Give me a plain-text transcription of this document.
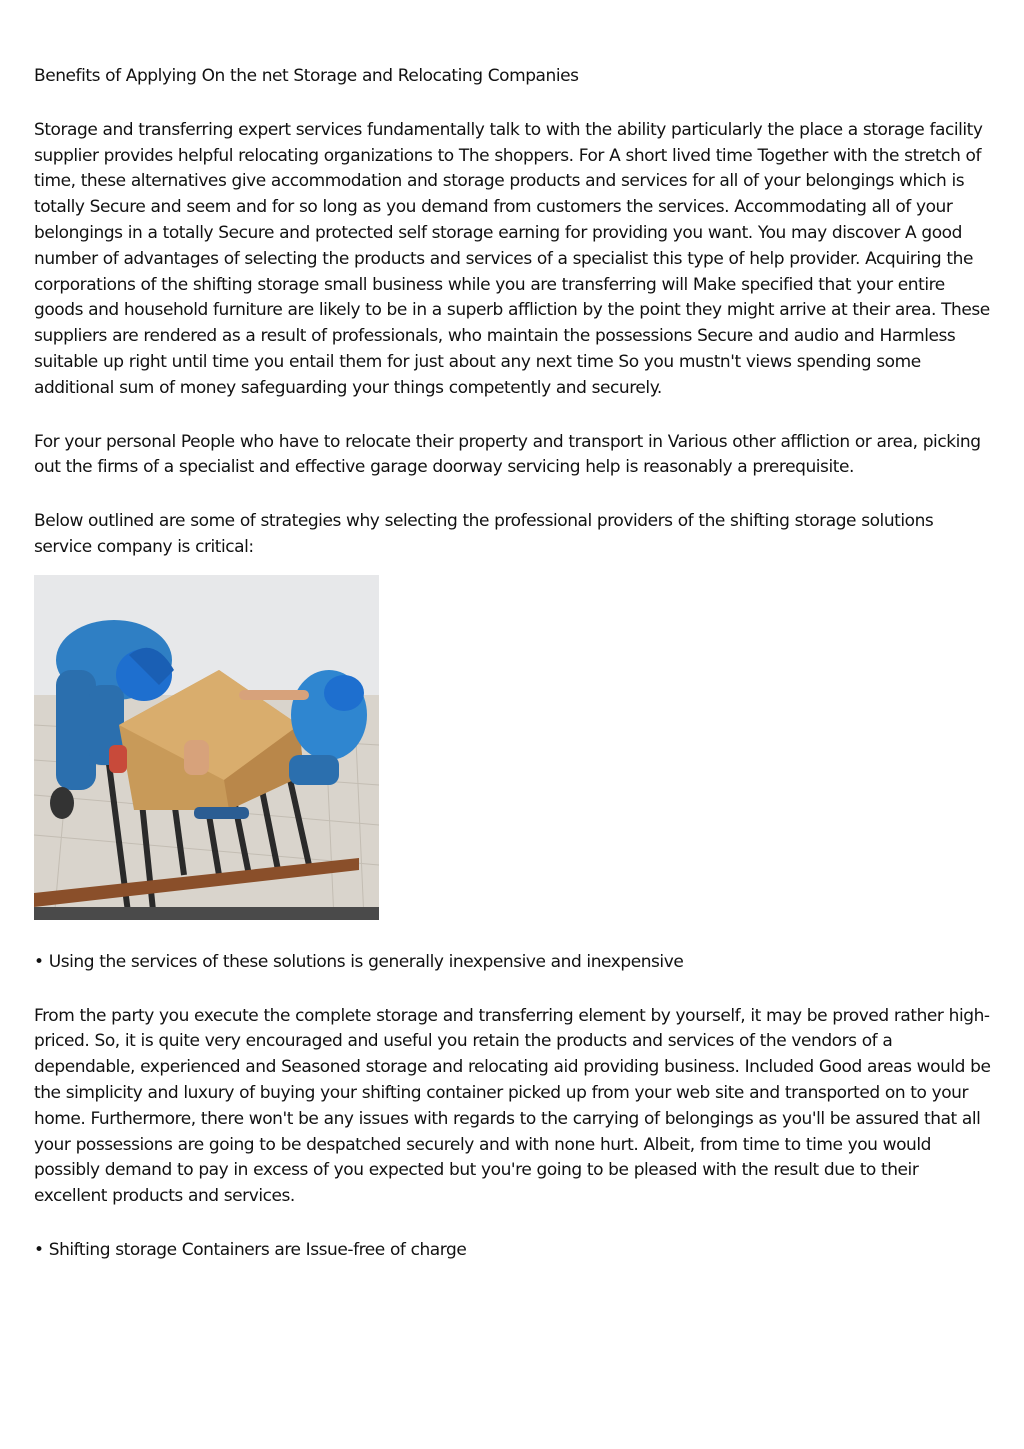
Benefits of Applying On the net Storage and Relocating Companies

Storage and transferring expert services fundamentally talk to with the ability particularly the place a storage facility supplier provides helpful relocating organizations to The shoppers. For A short lived time Together with the stretch of time, these alternatives give accommodation and storage products and services for all of your belongings which is totally Secure and seem and for so long as you demand from customers the services. Accommodating all of your belongings in a totally Secure and protected self storage earning for providing you want. You may discover A good number of advantages of selecting the products and services of a specialist this type of help provider. Acquiring the corporations of the shifting storage small business while you are transferring will Make specified that your entire goods and household furniture are likely to be in a superb affliction by the point they might arrive at their area. These suppliers are rendered as a result of professionals, who maintain the possessions Secure and audio and Harmless suitable up right until time you entail them for just about any next time So you mustn't views spending some additional sum of money safeguarding your things competently and securely.

For your personal People who have to relocate their property and transport in Various other affliction or area, picking out the firms of a specialist and effective garage doorway servicing help is reasonably a prerequisite.

Below outlined are some of strategies why selecting the professional providers of the shifting storage solutions service company is critical:

• Using the services of these solutions is generally inexpensive and inexpensive

From the party you execute the complete storage and transferring element by yourself, it may be proved rather high-priced. So, it is quite very encouraged and useful you retain the products and services of the vendors of a dependable, experienced and Seasoned storage and relocating aid providing business. Included Good areas would be the simplicity and luxury of buying your shifting container picked up from your web site and transported on to your home. Furthermore, there won't be any issues with regards to the carrying of belongings as you'll be assured that all your possessions are going to be despatched securely and with none hurt. Albeit, from time to time you would possibly demand to pay in excess of you expected but you're going to be pleased with the result due to their excellent products and services.

• Shifting storage Containers are Issue-free of charge
